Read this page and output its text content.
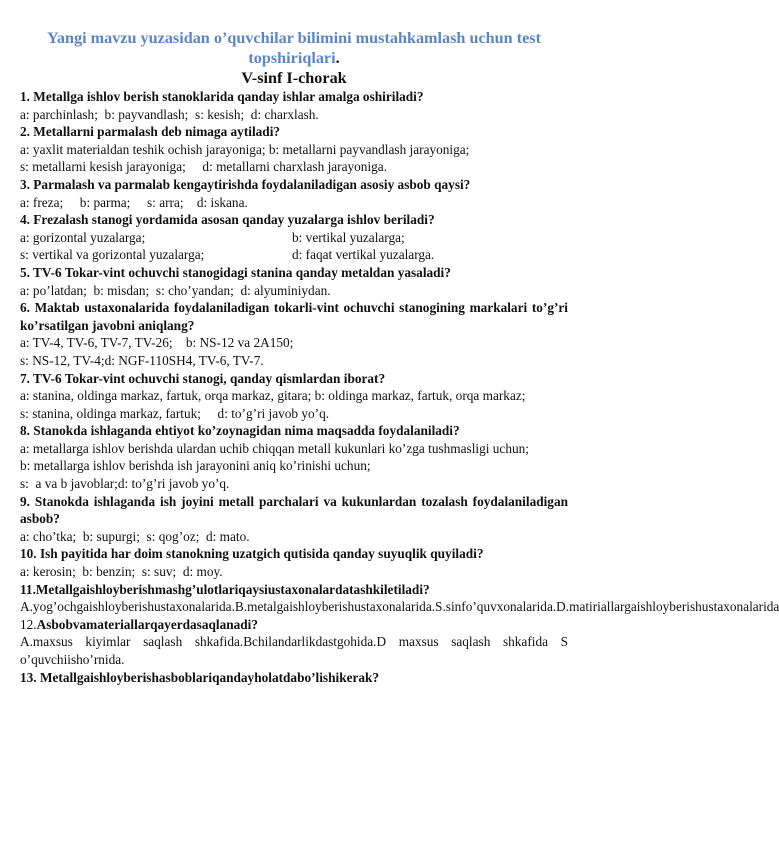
Yangi mavzu yuzasidan o’quvchilar bilimini mustahkamlash uchun test topshiriqlari.

V-sinf I-chorak

1. Metallga ishlov berish stanoklarida qanday ishlar amalga oshiriladi?

a: parchinlash;  b: payvandlash;  s: kesish;  d: charxlash.

2. Metallarni parmalash deb nimaga aytiladi?

a: yaxlit materialdan teshik ochish jarayoniga; b: metallarni payvandlash jarayoniga;

s: metallarni kesish jarayoniga;     d: metallarni charxlash jarayoniga.

3. Parmalash va parmalab kengaytirishda foydalaniladigan asosiy asbob qaysi?

a: freza;     b: parma;     s: arra;    d: iskana.

4. Frezalash stanogi yordamida asosan qanday yuzalarga ishlov beriladi?

a: gorizontal yuzalarga;	b: vertikal yuzalarga;

s: vertikal va gorizontal yuzalarga;	d: faqat vertikal yuzalarga.

5. TV-6 Tokar-vint ochuvchi stanogidagi stanina qanday metaldan yasaladi?

a: po’latdan;  b: misdan;  s: cho’yandan;  d: alyuminiydan.

6. Maktab ustaxonalarida foydalaniladigan tokarli-vint ochuvchi stanogining markalari to’g’ri ko’rsatilgan javobni aniqlang?

a: TV-4, TV-6, TV-7, TV-26;    b: NS-12 va 2A150;

s: NS-12, TV-4;d: NGF-110SH4, TV-6, TV-7.

7. TV-6 Tokar-vint ochuvchi stanogi, qanday qismlardan iborat?

a: stanina, oldinga markaz, fartuk, orqa markaz, gitara; b: oldinga markaz, fartuk, orqa markaz;

s: stanina, oldinga markaz, fartuk;     d: to’g’ri javob yo’q.

8. Stanokda ishlaganda ehtiyot ko’zoynagidan nima maqsadda foydalaniladi?

a: metallarga ishlov berishda ulardan uchib chiqqan metall kukunlari ko’zga tushmasligi uchun;

b: metallarga ishlov berishda ish jarayonini aniq ko’rinishi uchun;

s:  a va b javoblar;d: to’g’ri javob yo’q.

9. Stanokda ishlaganda ish joyini metall parchalari va kukunlardan tozalash foydalaniladigan asbob?

a: cho’tka;  b: supurgi;  s: qog’oz;  d: mato.

10. Ish payitida har doim stanokning uzatgich qutisida qanday suyuqlik quyiladi?

a: kerosin;  b: benzin;  s: suv;  d: moy.

11.Metallgaishloyberishmashg’ulotlariqaysiustaxonalardatashkiletiladi?

A.yog’ochgaishloyberishustaxonalarida.B.metalgaishloyberishustaxonalarida.S.sinfo’quvxonalarida.D.matiriallargaishloyberishustaxonalarida

12.Asbobvamateriallarqayerdasaqlanadi?

A.maxsus kiyimlar saqlash shkafida.Bchilandarlikdastgohida.D maxsus saqlash shkafida S o’quvchiisho’rnida.

13. Metallgaishloyberishasboblariqandayholatdabo’lishikerak?
